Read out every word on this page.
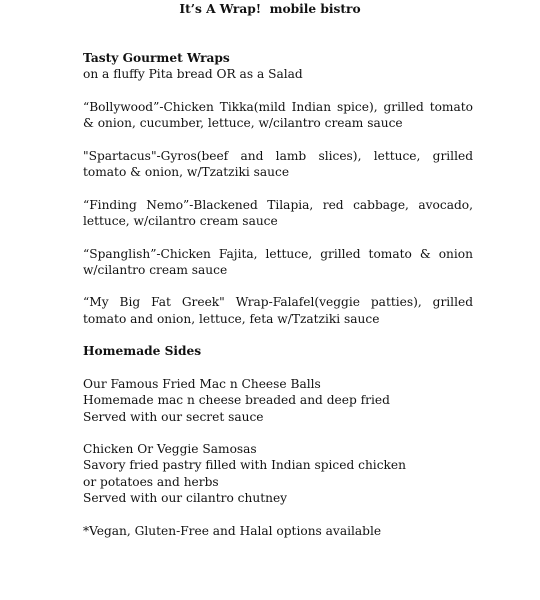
It’s A Wrap!  mobile bistro

Tasty Gourmet Wraps

on a fluffy Pita bread OR as a Salad

“Bollywood”-Chicken Tikka(mild Indian spice), grilled tomato & onion, cucumber, lettuce, w/cilantro cream sauce

"Spartacus"-Gyros(beef and lamb slices), lettuce, grilled tomato & onion, w/Tzatziki sauce

“Finding Nemo”-Blackened Tilapia, red cabbage, avocado, lettuce, w/cilantro cream sauce

“Spanglish”-Chicken Fajita, lettuce, grilled tomato & onion w/cilantro cream sauce

“My Big Fat Greek" Wrap-Falafel(veggie patties), grilled tomato and onion, lettuce, feta w/Tzatziki sauce

Homemade Sides

Our Famous Fried Mac n Cheese Balls

Homemade mac n cheese breaded and deep fried

Served with our secret sauce

Chicken Or Veggie Samosas

Savory fried pastry filled with Indian spiced chicken

or potatoes and herbs

Served with our cilantro chutney

*Vegan, Gluten-Free and Halal options available
